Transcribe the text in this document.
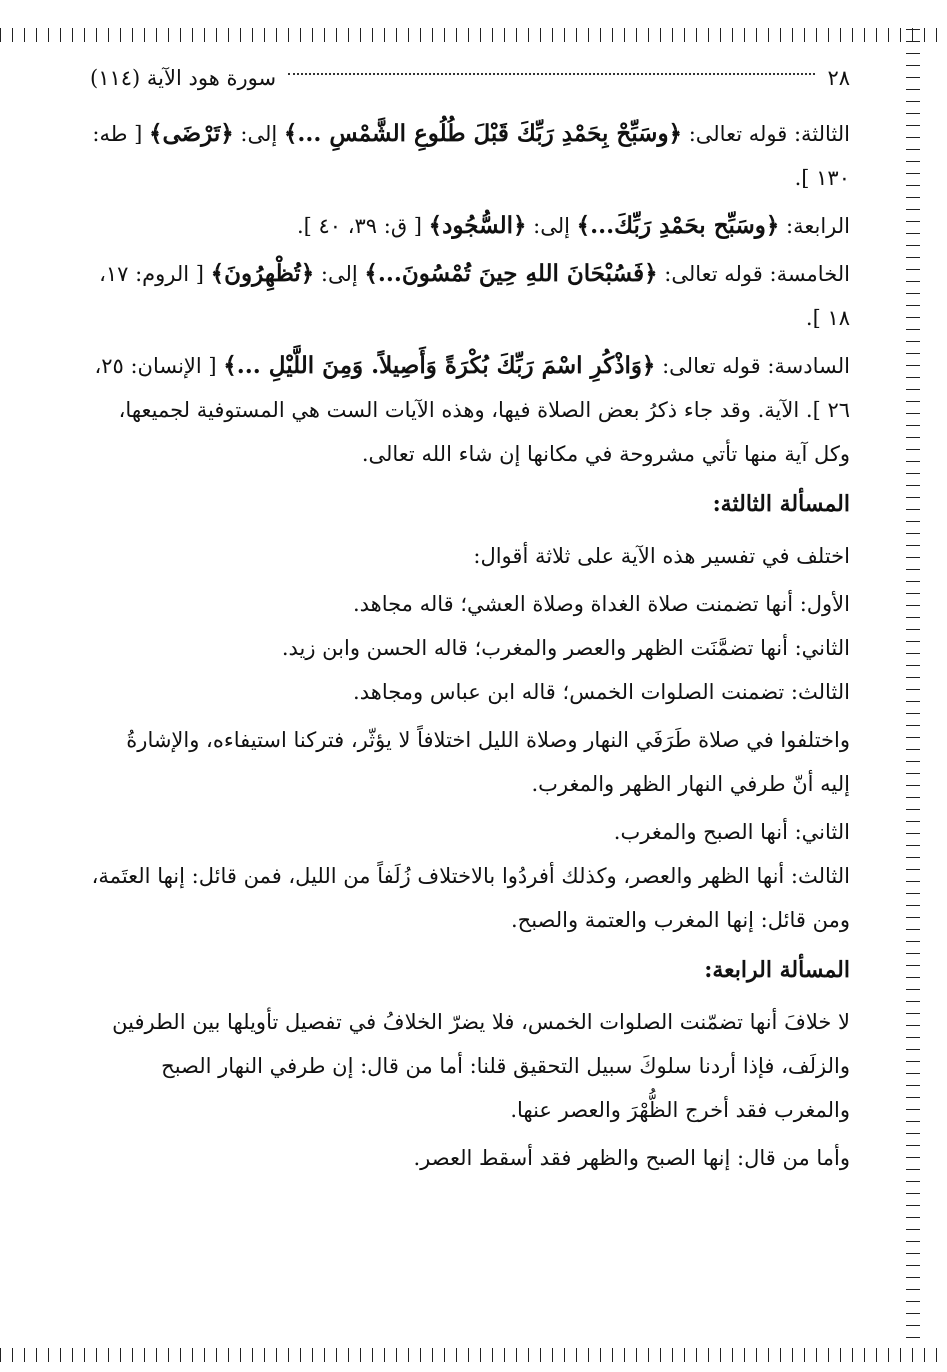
٢٨
سورة هود الآية (١١٤)

الثالثة: قوله تعالى: ﴿وسَبِّحْ بِحَمْدِ رَبِّكَ قَبْلَ طُلُوعِ الشَّمْسِ ...﴾ إلى: ﴿تَرْضَى﴾ [ طه: ١٣٠ ].

الرابعة: ﴿وسَبِّح بحَمْدِ رَبِّكَ...﴾ إلى: ﴿السُّجُود﴾ [ ق: ٣٩، ٤٠ ].

الخامسة: قوله تعالى: ﴿فَسُبْحَانَ اللهِ حِينَ تُمْسُونَ...﴾ إلى: ﴿تُظْهِرُونَ﴾ [ الروم: ١٧، ١٨ ].

السادسة: قوله تعالى: ﴿وَاذْكُرِ اسْمَ رَبِّكَ بُكْرَةً وَأَصِيلاً. وَمِنَ اللَّيْلِ ...﴾ [ الإنسان: ٢٥، ٢٦ ]. الآية. وقد جاء ذكرُ بعض الصلاة فيها، وهذه الآيات الست هي المستوفية لجميعها، وكل آية منها تأتي مشروحة في مكانها إن شاء الله تعالى.

المسألة الثالثة:

اختلف في تفسير هذه الآية على ثلاثة أقوال:

الأول: أنها تضمنت صلاة الغداة وصلاة العشي؛ قاله مجاهد.

الثاني: أنها تضمَّنَت الظهر والعصر والمغرب؛ قاله الحسن وابن زيد.

الثالث: تضمنت الصلوات الخمس؛ قاله ابن عباس ومجاهد.

واختلفوا في صلاة طَرَفَي النهار وصلاة الليل اختلافاً لا يؤثّر، فتركنا استيفاءه، والإشارةُ إليه أنّ طرفي النهار الظهر والمغرب.

الثاني: أنها الصبح والمغرب.

الثالث: أنها الظهر والعصر، وكذلك أفردُوا بالاختلاف زُلَفاً من الليل، فمن قائل: إنها العتَمة، ومن قائل: إنها المغرب والعتمة والصبح.

المسألة الرابعة:

لا خلافَ أنها تضمّنت الصلوات الخمس، فلا يضرّ الخلافُ في تفصيل تأويلها بين الطرفين والزلَف، فإذا أردنا سلوكَ سبيل التحقيق قلنا: أما من قال: إن طرفي النهار الصبح والمغرب فقد أخرج الظُّهْرَ والعصر عنها.

وأما من قال: إنها الصبح والظهر فقد أسقط العصر.
